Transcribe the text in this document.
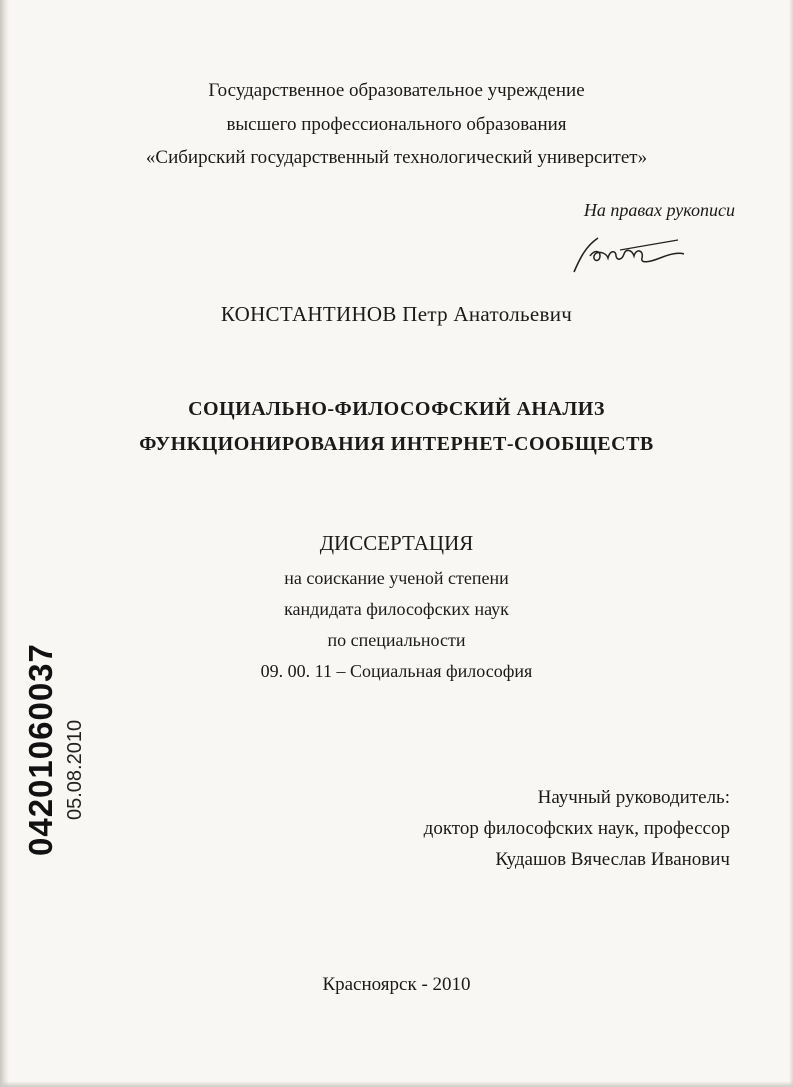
Государственное образовательное учреждение
высшего профессионального образования
«Сибирский государственный технологический университет»
На правах рукописи
КОНСТАНТИНОВ Петр Анатольевич
СОЦИАЛЬНО-ФИЛОСОФСКИЙ АНАЛИЗ
ФУНКЦИОНИРОВАНИЯ ИНТЕРНЕТ-СООБЩЕСТВ
ДИССЕРТАЦИЯ
на соискание ученой степени
кандидата философских наук
по специальности
09. 00. 11 – Социальная философия
Научный руководитель:
доктор философских наук, профессор
Кудашов Вячеслав Иванович
Красноярск - 2010
04201060037 05.08.2010
